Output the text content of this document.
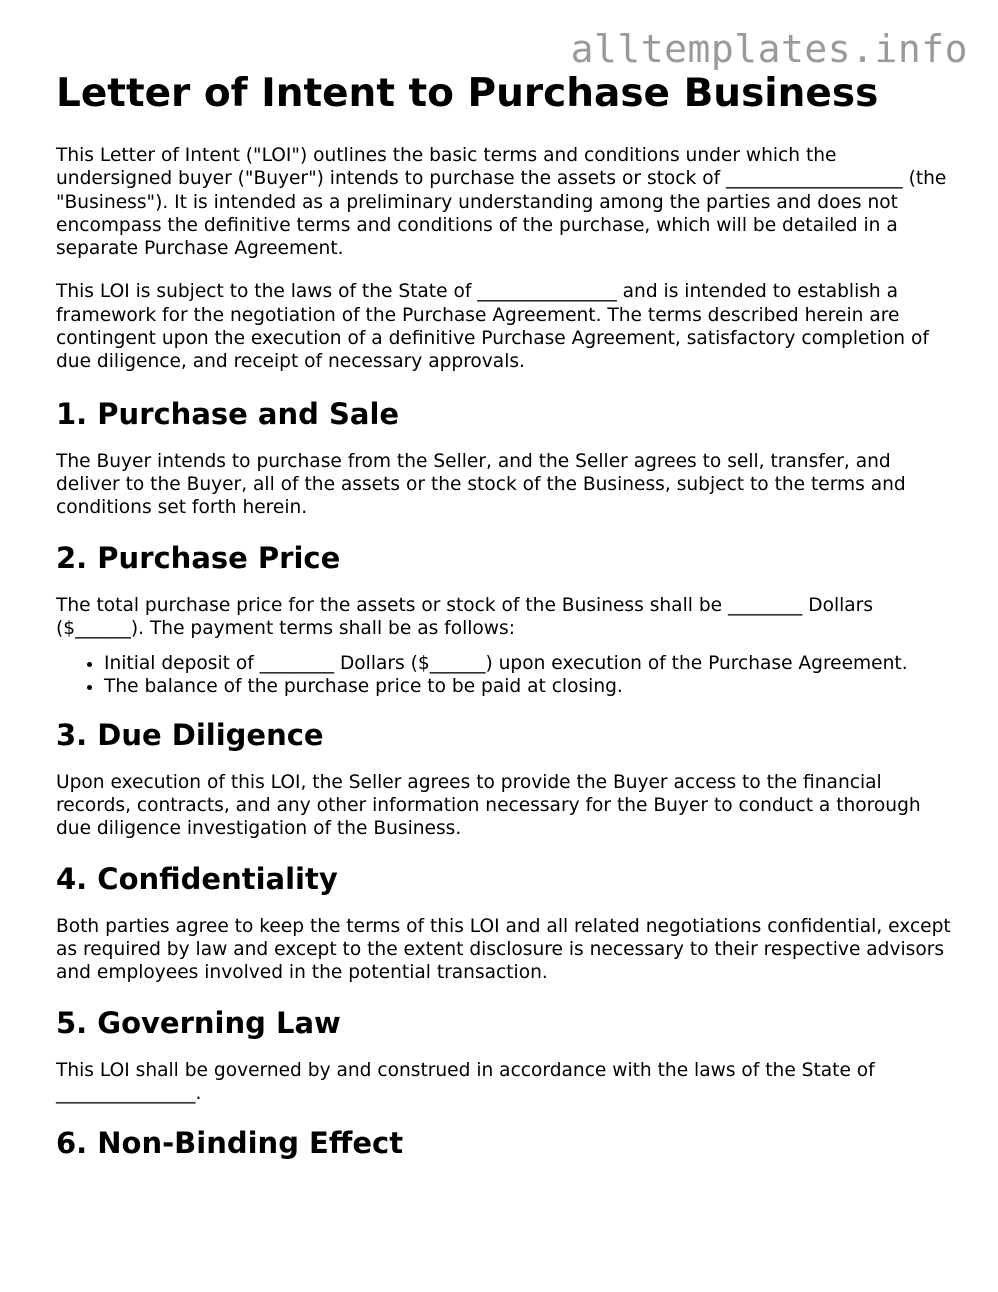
alltemplates.info
Letter of Intent to Purchase Business

This Letter of Intent ("LOI") outlines the basic terms and conditions under which the undersigned buyer ("Buyer") intends to purchase the assets or stock of ___________________ (the "Business"). It is intended as a preliminary understanding among the parties and does not encompass the definitive terms and conditions of the purchase, which will be detailed in a separate Purchase Agreement.

This LOI is subject to the laws of the State of _______________ and is intended to establish a framework for the negotiation of the Purchase Agreement. The terms described herein are contingent upon the execution of a definitive Purchase Agreement, satisfactory completion of due diligence, and receipt of necessary approvals.

1. Purchase and Sale

The Buyer intends to purchase from the Seller, and the Seller agrees to sell, transfer, and deliver to the Buyer, all of the assets or the stock of the Business, subject to the terms and conditions set forth herein.

2. Purchase Price

The total purchase price for the assets or stock of the Business shall be ________ Dollars ($______). The payment terms shall be as follows:

• Initial deposit of ________ Dollars ($______) upon execution of the Purchase Agreement.
• The balance of the purchase price to be paid at closing.
3. Due Diligence

Upon execution of this LOI, the Seller agrees to provide the Buyer access to the financial records, contracts, and any other information necessary for the Buyer to conduct a thorough due diligence investigation of the Business.

4. Confidentiality

Both parties agree to keep the terms of this LOI and all related negotiations confidential, except as required by law and except to the extent disclosure is necessary to their respective advisors and employees involved in the potential transaction.

5. Governing Law

This LOI shall be governed by and construed in accordance with the laws of the State of _______________.

6. Non-Binding Effect
